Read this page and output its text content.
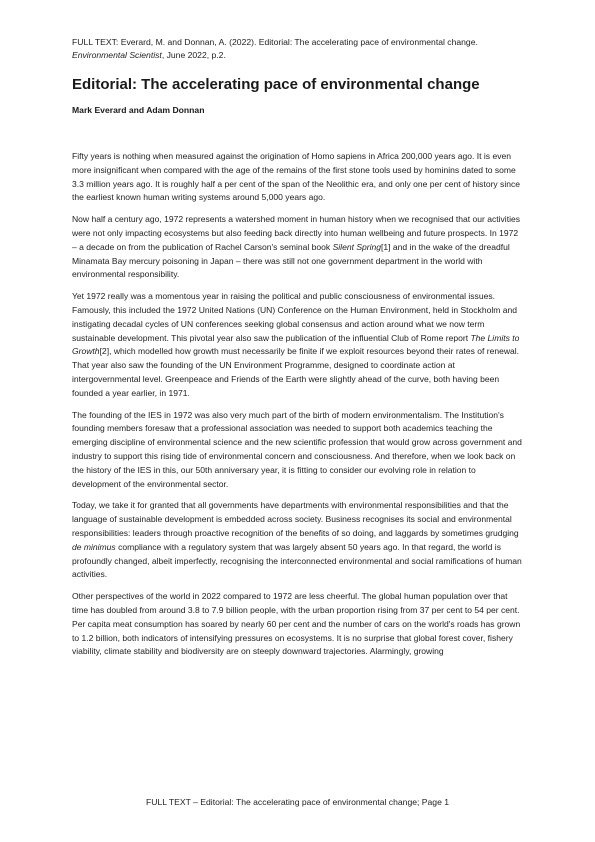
FULL TEXT: Everard, M. and Donnan, A. (2022). Editorial: The accelerating pace of environmental change. Environmental Scientist, June 2022, p.2.
Editorial: The accelerating pace of environmental change
Mark Everard and Adam Donnan

Fifty years is nothing when measured against the origination of Homo sapiens in Africa 200,000 years ago. It is even more insignificant when compared with the age of the remains of the first stone tools used by hominins dated to some 3.3 million years ago. It is roughly half a per cent of the span of the Neolithic era, and only one per cent of history since the earliest known human writing systems around 5,000 years ago.

Now half a century ago, 1972 represents a watershed moment in human history when we recognised that our activities were not only impacting ecosystems but also feeding back directly into human wellbeing and future prospects. In 1972 – a decade on from the publication of Rachel Carson's seminal book Silent Spring[1] and in the wake of the dreadful Minamata Bay mercury poisoning in Japan – there was still not one government department in the world with environmental responsibility.

Yet 1972 really was a momentous year in raising the political and public consciousness of environmental issues. Famously, this included the 1972 United Nations (UN) Conference on the Human Environment, held in Stockholm and instigating decadal cycles of UN conferences seeking global consensus and action around what we now term sustainable development. This pivotal year also saw the publication of the influential Club of Rome report The Limits to Growth[2], which modelled how growth must necessarily be finite if we exploit resources beyond their rates of renewal. That year also saw the founding of the UN Environment Programme, designed to coordinate action at intergovernmental level. Greenpeace and Friends of the Earth were slightly ahead of the curve, both having been founded a year earlier, in 1971.

The founding of the IES in 1972 was also very much part of the birth of modern environmentalism. The Institution's founding members foresaw that a professional association was needed to support both academics teaching the emerging discipline of environmental science and the new scientific profession that would grow across government and industry to support this rising tide of environmental concern and consciousness. And therefore, when we look back on the history of the IES in this, our 50th anniversary year, it is fitting to consider our evolving role in relation to development of the environmental sector.

Today, we take it for granted that all governments have departments with environmental responsibilities and that the language of sustainable development is embedded across society. Business recognises its social and environmental responsibilities: leaders through proactive recognition of the benefits of so doing, and laggards by sometimes grudging de minimus compliance with a regulatory system that was largely absent 50 years ago. In that regard, the world is profoundly changed, albeit imperfectly, recognising the interconnected environmental and social ramifications of human activities.

Other perspectives of the world in 2022 compared to 1972 are less cheerful. The global human population over that time has doubled from around 3.8 to 7.9 billion people, with the urban proportion rising from 37 per cent to 54 per cent. Per capita meat consumption has soared by nearly 60 per cent and the number of cars on the world's roads has grown to 1.2 billion, both indicators of intensifying pressures on ecosystems. It is no surprise that global forest cover, fishery viability, climate stability and biodiversity are on steeply downward trajectories. Alarmingly, growing

FULL TEXT – Editorial: The accelerating pace of environmental change; Page 1
